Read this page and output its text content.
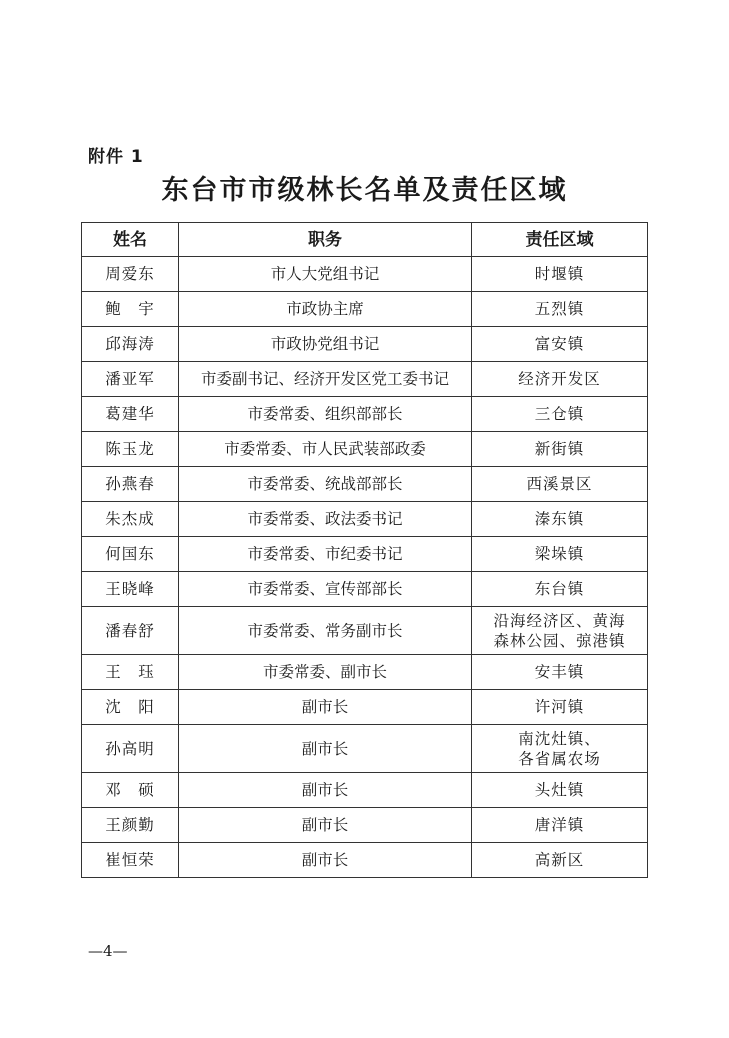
附件 1
东台市市级林长名单及责任区域
姓名	职务	责任区域
周爱东	市人大党组书记	时堰镇
鲍　宇	市政协主席	五烈镇
邱海涛	市政协党组书记	富安镇
潘亚军	市委副书记、经济开发区党工委书记	经济开发区
葛建华	市委常委、组织部部长	三仓镇
陈玉龙	市委常委、市人民武装部政委	新街镇
孙燕春	市委常委、统战部部长	西溪景区
朱杰成	市委常委、政法委书记	溱东镇
何国东	市委常委、市纪委书记	梁垛镇
王晓峰	市委常委、宣传部部长	东台镇
潘春舒	市委常委、常务副市长	沿海经济区、黄海
森林公园、弶港镇

王　珏	市委常委、副市长	安丰镇
沈　阳	副市长	许河镇
孙高明	副市长	南沈灶镇、
各省属农场

邓　硕	副市长	头灶镇
王颜勤	副市长	唐洋镇
崔恒荣	副市长	高新区
—4—
